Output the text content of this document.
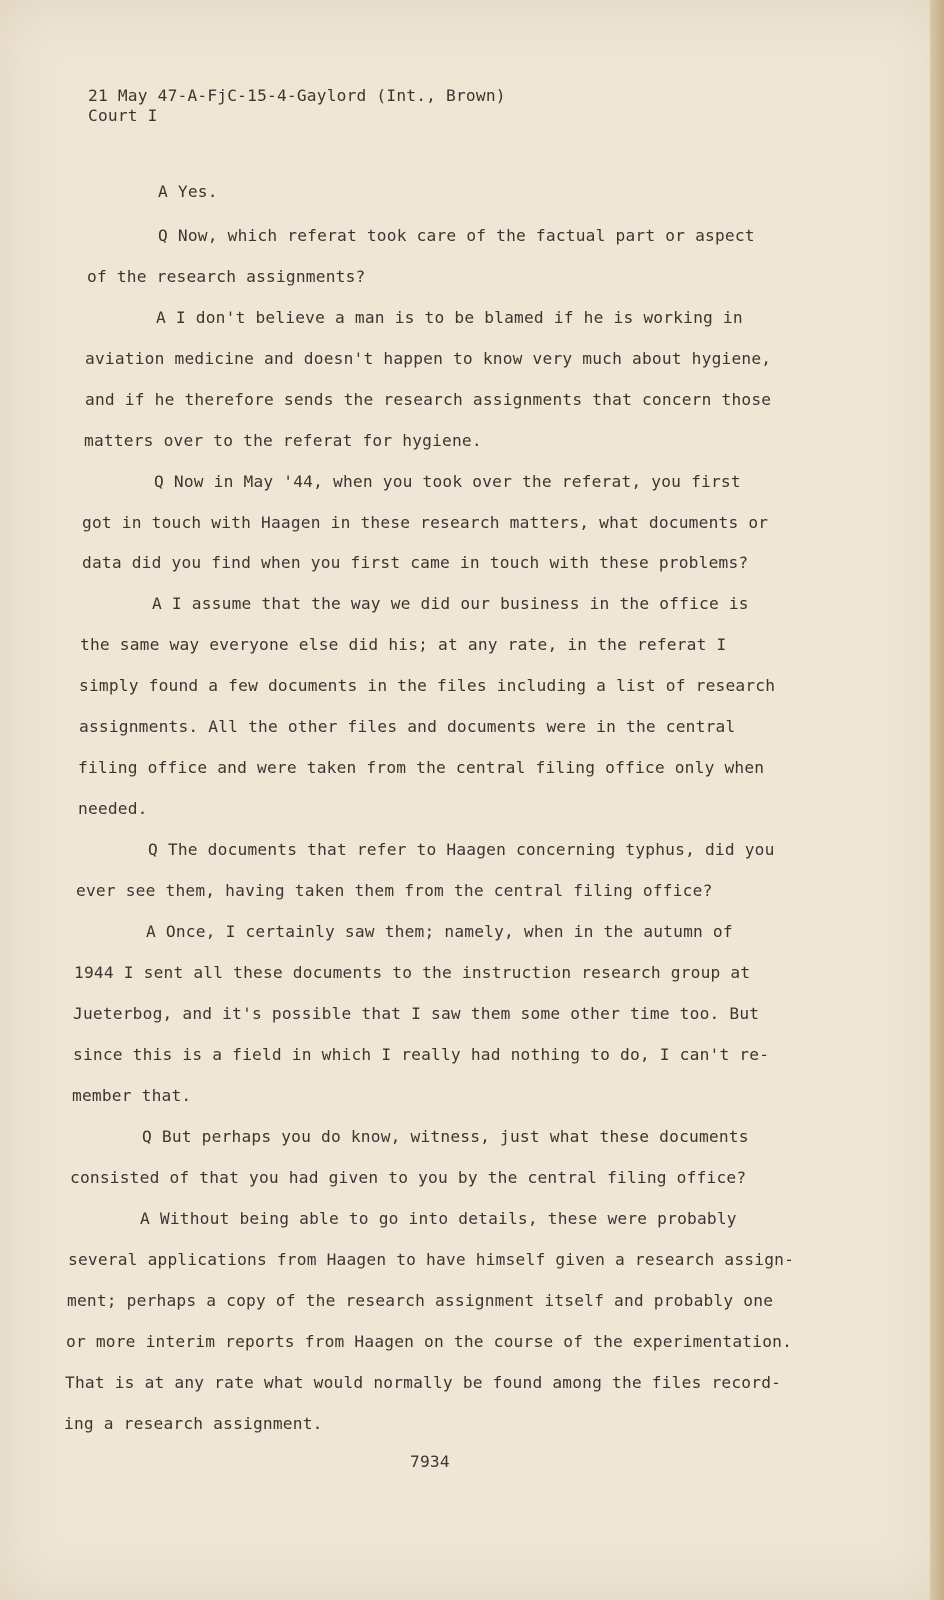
21 May 47-A-FjC-15-4-Gaylord (Int., Brown)

Court I

A Yes.

Q Now, which referat took care of the factual part or aspect

of the research assignments?

A I don't believe a man is to be blamed if he is working in

aviation medicine and doesn't happen to know very much about hygiene,

and if he therefore sends the research assignments that concern those

matters over to the referat for hygiene.

Q Now in May '44, when you took over the referat, you first

got in touch with Haagen in these research matters, what documents or

data did you find when you first came in touch with these problems?

A I assume that the way we did our business in the office is

the same way everyone else did his; at any rate, in the referat I

simply found a few documents in the files including a list of research

assignments. All the other files and documents were in the central

filing office and were taken from the central filing office only when

needed.

Q The documents that refer to Haagen concerning typhus, did you

ever see them, having taken them from the central filing office?

A Once, I certainly saw them; namely, when in the autumn of

1944 I sent all these documents to the instruction research group at

Jueterbog, and it's possible that I saw them some other time too. But

since this is a field in which I really had nothing to do, I can't re-

member that.

Q But perhaps you do know, witness, just what these documents

consisted of that you had given to you by the central filing office?

A Without being able to go into details, these were probably

several applications from Haagen to have himself given a research assign-

ment; perhaps a copy of the research assignment itself and probably one

or more interim reports from Haagen on the course of the experimentation.

That is at any rate what would normally be found among the files record-

ing a research assignment.

7934
